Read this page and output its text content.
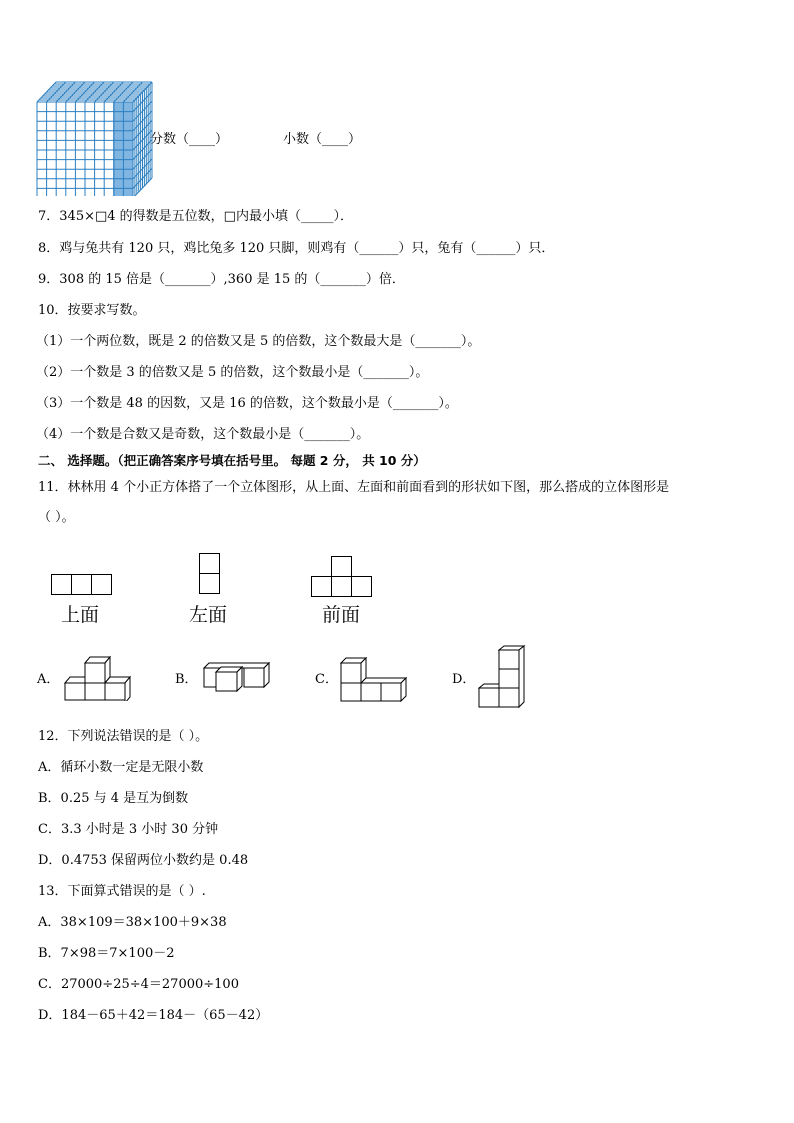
分数（____）	小数（____）
7．345×□4 的得数是五位数，□内最小填（_____）．
8．鸡与兔共有 120 只，鸡比兔多 120 只脚，则鸡有（______）只，兔有（______）只．
9．308 的 15 倍是（_______）,360 是 15 的（_______）倍．
10．按要求写数。
（1）一个两位数，既是 2 的倍数又是 5 的倍数，这个数最大是（_______）。
（2）一个数是 3 的倍数又是 5 的倍数，这个数最小是（_______）。
（3）一个数是 48 的因数，又是 16 的倍数，这个数最小是（_______）。
（4）一个数是合数又是奇数，这个数最小是（_______）。
二、 选择题。（把正确答案序号填在括号里。 每题 2 分， 共 10 分）
11．林林用 4 个小正方体搭了一个立体图形，从上面、左面和前面看到的形状如下图，那么搭成的立体图形是
（ ）。
上面	左面	前面
A．	B．	C．	D．
12．下列说法错误的是（ ）。
A．循环小数一定是无限小数
B．0.25 与 4 是互为倒数
C．3.3 小时是 3 小时 30 分钟
D．0.4753 保留两位小数约是 0.48
13．下面算式错误的是（ ）.
A．38×109＝38×100＋9×38
B．7×98＝7×100－2
C．27000÷25÷4＝27000÷100
D．184－65＋42＝184－（65－42）
